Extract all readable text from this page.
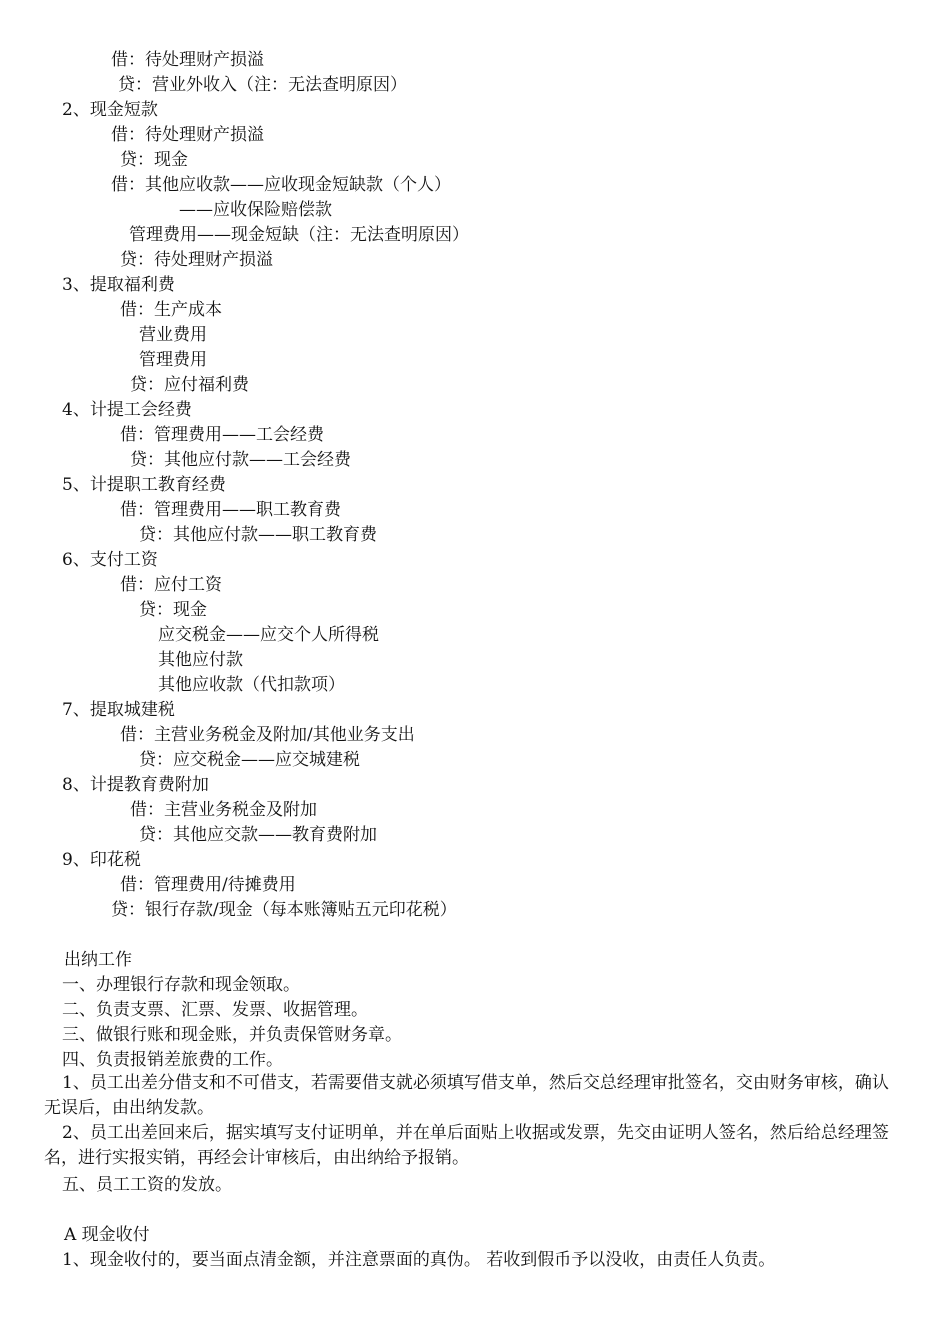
借：待处理财产损溢
贷：营业外收入（注：无法查明原因）
2、现金短款
借：待处理财产损溢
贷：现金
借：其他应收款——应收现金短缺款（个人）
——应收保险赔偿款
管理费用——现金短缺（注：无法查明原因）
贷：待处理财产损溢
3、提取福利费
借：生产成本
营业费用
管理费用
贷：应付福利费
4、计提工会经费
借：管理费用——工会经费
贷：其他应付款——工会经费
5、计提职工教育经费
借：管理费用——职工教育费
贷：其他应付款——职工教育费
6、支付工资
借：应付工资
贷：现金
应交税金——应交个人所得税
其他应付款
其他应收款（代扣款项）
7、提取城建税
借：主营业务税金及附加/其他业务支出
贷：应交税金——应交城建税
8、计提教育费附加
借：主营业务税金及附加
贷：其他应交款——教育费附加
9、印花税
借：管理费用/待摊费用
贷：银行存款/现金（每本账簿贴五元印花税）
出纳工作
一、办理银行存款和现金领取。
二、负责支票、汇票、发票、收据管理。
三、做银行账和现金账，并负责保管财务章。
四、负责报销差旅费的工作。
1、员工出差分借支和不可借支，若需要借支就必须填写借支单，然后交总经理审批签名，交由财务审核，确认无误后，由出纳发款。
2、员工出差回来后，据实填写支付证明单，并在单后面贴上收据或发票，先交由证明人签名，然后给总经理签名，进行实报实销，再经会计审核后，由出纳给予报销。
五、员工工资的发放。
A 现金收付
1、现金收付的，要当面点清金额，并注意票面的真伪。 若收到假币予以没收，由责任人负责。
